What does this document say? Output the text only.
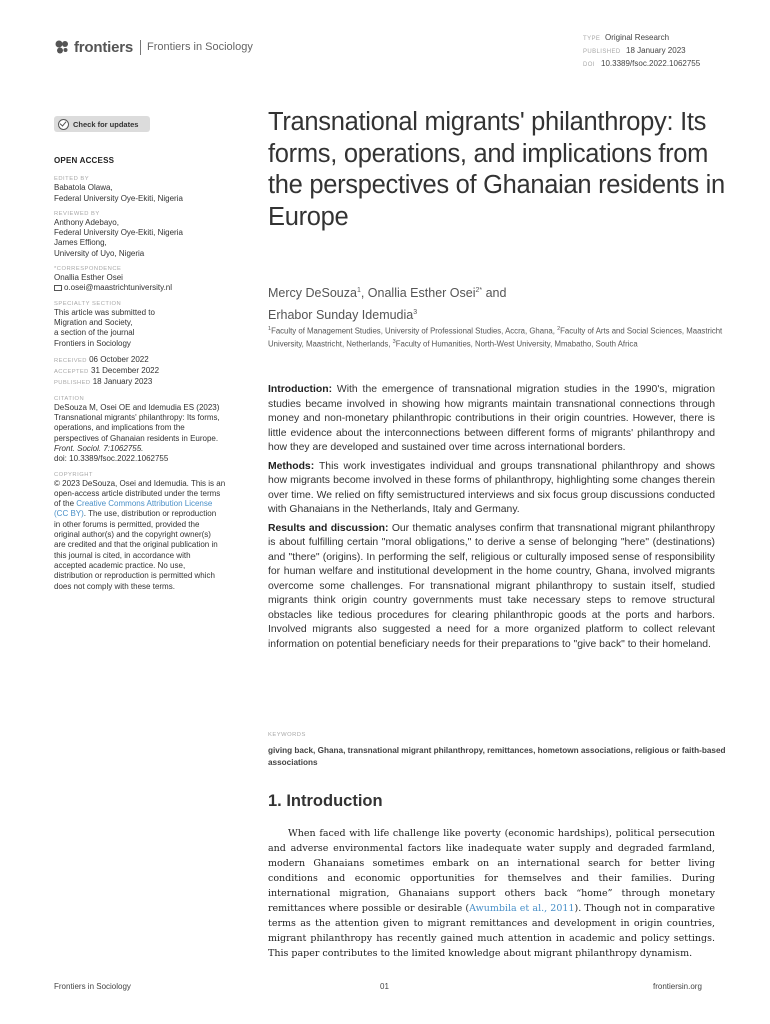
frontiers Frontiers in Sociology
TYPE Original Research
PUBLISHED 18 January 2023
DOI 10.3389/fsoc.2022.1062755
Check for updates
OPEN ACCESS
EDITED BY
Babatola Olawa,
Federal University Oye-Ekiti, Nigeria
REVIEWED BY
Anthony Adebayo,
Federal University Oye-Ekiti, Nigeria
James Effiong,
University of Uyo, Nigeria
*CORRESPONDENCE
Onallia Esther Osei
o.osei@maastrichtuniversity.nl
SPECIALTY SECTION
This article was submitted to
Migration and Society,
a section of the journal
Frontiers in Sociology
RECEIVED 06 October 2022
ACCEPTED 31 December 2022
PUBLISHED 18 January 2023
CITATION
DeSouza M, Osei OE and Idemudia ES (2023)
Transnational migrants' philanthropy: Its forms,
operations, and implications from the
perspectives of Ghanaian residents in Europe.
Front. Sociol. 7:1062755.
doi: 10.3389/fsoc.2022.1062755
COPYRIGHT
© 2023 DeSouza, Osei and Idemudia. This is an
open-access article distributed under the terms
of the Creative Commons Attribution License
(CC BY). The use, distribution or reproduction
in other forums is permitted, provided the
original author(s) and the copyright owner(s)
are credited and that the original publication in
this journal is cited, in accordance with
accepted academic practice. No use,
distribution or reproduction is permitted which
does not comply with these terms.
Transnational migrants' philanthropy: Its forms, operations, and implications from the perspectives of Ghanaian residents in Europe
Mercy DeSouza$^1$, Onallia Esther Osei$^{2*}$ and
Erhabor Sunday Idemudia$^3$
$^1$Faculty of Management Studies, University of Professional Studies, Accra, Ghana, $^2$Faculty of Arts and Social Sciences, Maastricht University, Maastricht, Netherlands, $^3$Faculty of Humanities, North-West University, Mmabatho, South Africa

Introduction: With the emergence of transnational migration studies in the 1990's, migration studies became involved in showing how migrants maintain transnational connections through money and non-monetary philanthropic contributions in their origin countries. However, there is little evidence about the interconnections between different forms of migrants' philanthropy and how they are developed and sustained over time across international borders.

Methods: This work investigates individual and groups transnational philanthropy and shows how migrants become involved in these forms of philanthropy, highlighting some changes therein over time. We relied on fifty semistructured interviews and six focus group discussions conducted with Ghanaians in the Netherlands, Italy and Germany.

Results and discussion: Our thematic analyses confirm that transnational migrant philanthropy is about fulfilling certain "moral obligations," to derive a sense of belonging "here" (destinations) and "there" (origins). In performing the self, religious or culturally imposed sense of responsibility for human welfare and institutional development in the home country, Ghana, involved migrants overcome some challenges. For transnational migrant philanthropy to sustain itself, studied migrants think origin country governments must take necessary steps to remove structural obstacles like tedious procedures for clearing philanthropic goods at the ports and harbors. Involved migrants also suggested a need for a more organized platform to collect relevant information on potential beneficiary needs for their preparations to "give back" to their homeland.

KEYWORDS
giving back, Ghana, transnational migrant philanthropy, remittances, hometown associations, religious or faith-based associations
1. Introduction

When faced with life challenge like poverty (economic hardships), political persecution and adverse environmental factors like inadequate water supply and degraded farmland, modern Ghanaians sometimes embark on an international search for better living conditions and economic opportunities for themselves and their families. During international migration, Ghanaians support others back “home” through monetary remittances where possible or desirable (Awumbila et al., 2011). Though not in comparative terms as the attention given to migrant remittances and development in origin countries, migrant philanthropy has recently gained much attention in academic and policy settings. This paper contributes to the limited knowledge about migrant philanthropy dynamism.

Frontiers in Sociology	01	frontiersin.org
